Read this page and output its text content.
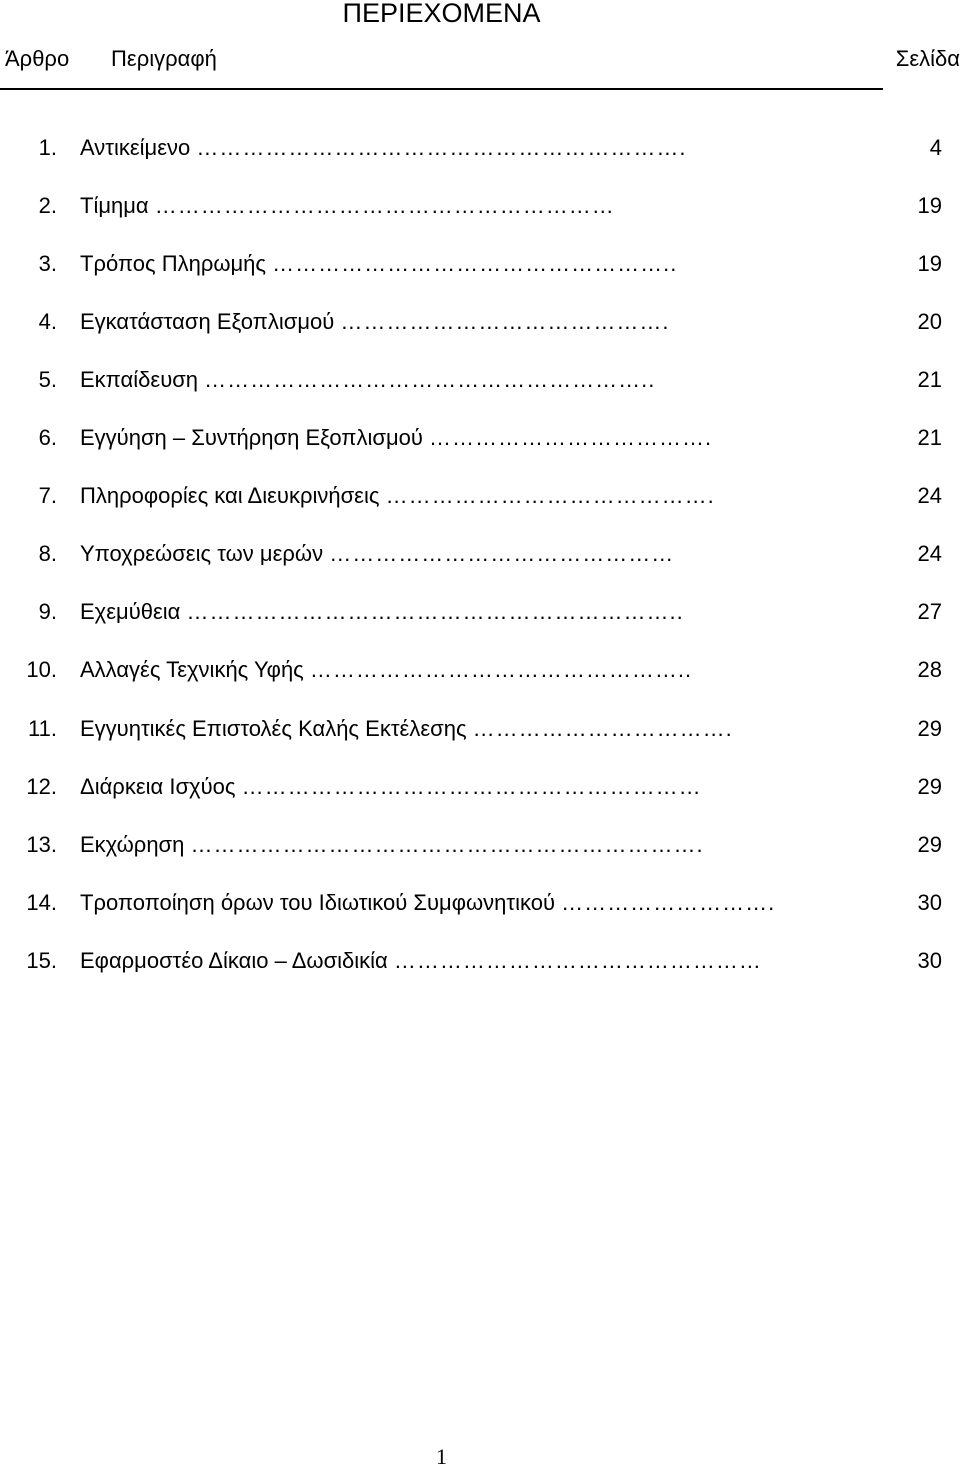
ΠΕΡΙΕΧΟΜΕΝΑ
Άρθρο Περιγραφή	Σελίδα
1. Αντικείμενο ……………………………………………………….	4
2. Τίμημα ……………………………………………………	19
3. Τρόπος Πληρωμής ……………………………………………..	19
4. Εγκατάσταση Εξοπλισμού …………………………………….	20
5. Εκπαίδευση …………………………………………………..	21
6. Εγγύηση – Συντήρηση Εξοπλισμού ……………………………….	21
7. Πληροφορίες και Διευκρινήσεις …………………………………….	24
8. Υποχρεώσεις των μερών ………………………………………	24
9. Εχεμύθεια ………………………………………………………..	27
10. Αλλαγές Τεχνικής Υφής …………………………………………..	28
11. Εγγυητικές Επιστολές Καλής Εκτέλεσης …………………………….	29
12. Διάρκεια Ισχύος ……………………………………………………	29
13. Εκχώρηση ………………………………………………………….	29
14. Τροποποίηση όρων του Ιδιωτικού Συμφωνητικού ……………………….	30
15. Εφαρμοστέο Δίκαιο – Δωσιδικία …………………………………………	30
1
